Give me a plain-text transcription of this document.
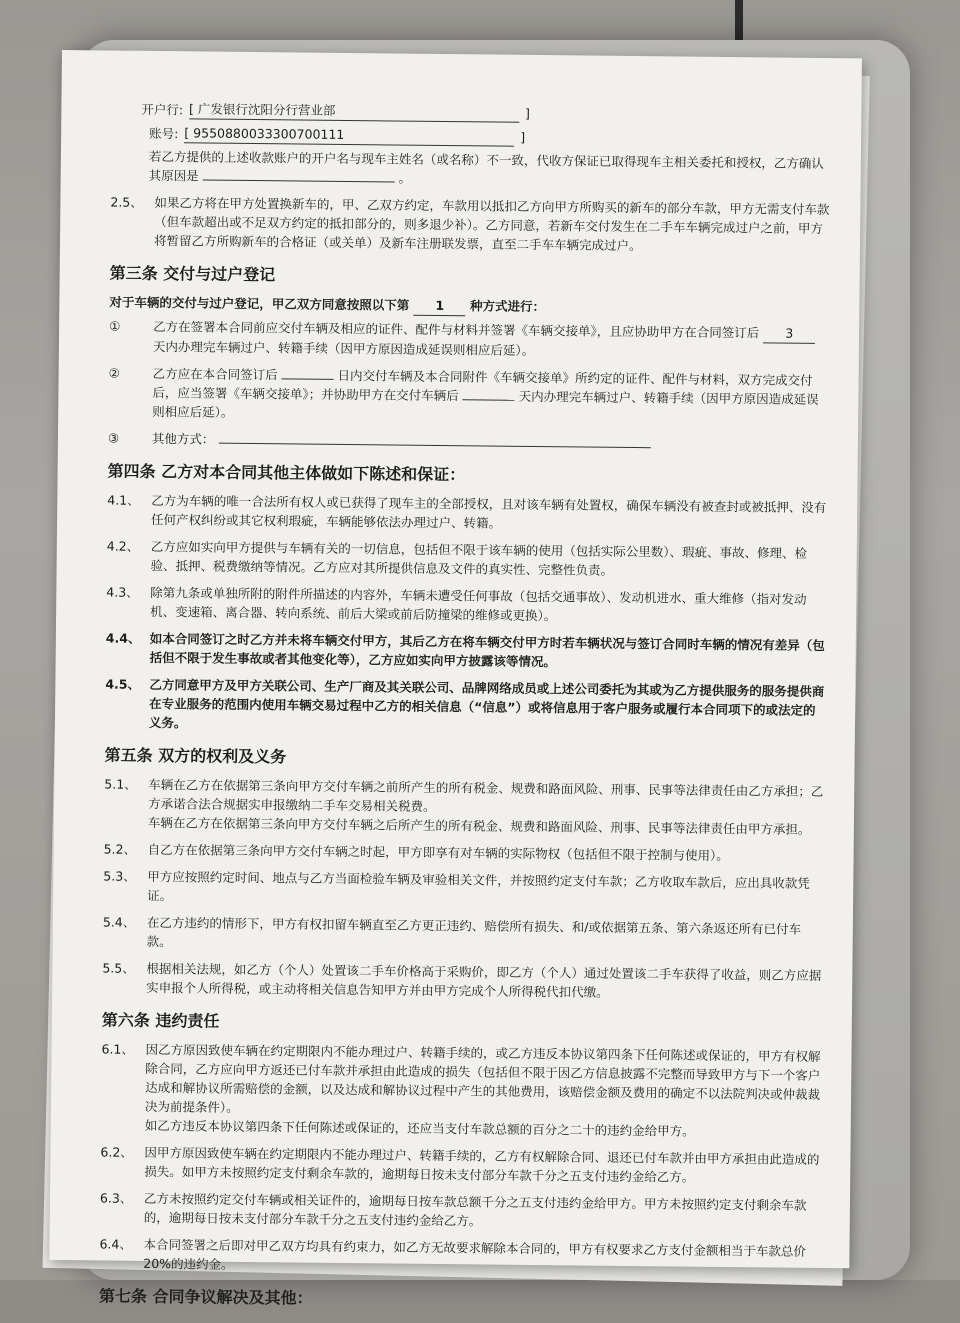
开户行: [ 广发银行沈阳分行营业部	]
账号: [ 9550880033300700111	]
若乙方提供的上述收款账户的开户名与现车主姓名（或名称）不一致，代收方保证已取得现车主相关委托和授权，乙方确认其原因是	。
2.5、 如果乙方将在甲方处置换新车的，甲、乙双方约定，车款用以抵扣乙方向甲方所购买的新车的部分车款，甲方无需支付车款（但车款超出或不足双方约定的抵扣部分的，则多退少补）。乙方同意，若新车交付发生在二手车车辆完成过户之前，甲方将暂留乙方所购新车的合格证（或关单）及新车注册联发票，直至二手车车辆完成过户。
第三条 交付与过户登记
对于车辆的交付与过户登记，甲乙双方同意按照以下第 1 种方式进行：
①	乙方在签署本合同前应交付车辆及相应的证件、配件与材料并签署《车辆交接单》，且应协助甲方在合同签订后 3 天内办理完车辆过户、转籍手续（因甲方原因造成延误则相应后延）。
②	乙方应在本合同签订后	日内交付车辆及本合同附件《车辆交接单》所约定的证件、配件与材料，双方完成交付后，应当签署《车辆交接单》；并协助甲方在交付车辆后	天内办理完车辆过户、转籍手续（因甲方原因造成延误则相应后延）。
③	其他方式：
第四条 乙方对本合同其他主体做如下陈述和保证：
4.1、 乙方为车辆的唯一合法所有权人或已获得了现车主的全部授权，且对该车辆有处置权，确保车辆没有被查封或被抵押、没有任何产权纠纷或其它权利瑕疵，车辆能够依法办理过户、转籍。
4.2、 乙方应如实向甲方提供与车辆有关的一切信息，包括但不限于该车辆的使用（包括实际公里数）、瑕疵、事故、修理、检验、抵押、税费缴纳等情况。乙方应对其所提供信息及文件的真实性、完整性负责。
4.3、 除第九条或单独所附的附件所描述的内容外，车辆未遭受任何事故（包括交通事故）、发动机进水、重大维修（指对发动机、变速箱、离合器、转向系统、前后大梁或前后防撞梁的维修或更换）。
4.4、 如本合同签订之时乙方并未将车辆交付甲方，其后乙方在将车辆交付甲方时若车辆状况与签订合同时车辆的情况有差异（包括但不限于发生事故或者其他变化等），乙方应如实向甲方披露该等情况。
4.5、 乙方同意甲方及甲方关联公司、生产厂商及其关联公司、品牌网络成员或上述公司委托为其或为乙方提供服务的服务提供商在专业服务的范围内使用车辆交易过程中乙方的相关信息（“信息”）或将信息用于客户服务或履行本合同项下的或法定的义务。
第五条 双方的权利及义务
5.1、 车辆在乙方在依据第三条向甲方交付车辆之前所产生的所有税金、规费和路面风险、刑事、民事等法律责任由乙方承担；乙方承诺合法合规据实申报缴纳二手车交易相关税费。
车辆在乙方在依据第三条向甲方交付车辆之后所产生的所有税金、规费和路面风险、刑事、民事等法律责任由甲方承担。
5.2、 自乙方在依据第三条向甲方交付车辆之时起，甲方即享有对车辆的实际物权（包括但不限于控制与使用）。
5.3、 甲方应按照约定时间、地点与乙方当面检验车辆及审验相关文件，并按照约定支付车款；乙方收取车款后，应出具收款凭证。
5.4、 在乙方违约的情形下，甲方有权扣留车辆直至乙方更正违约、赔偿所有损失、和/或依据第五条、第六条返还所有已付车款。
5.5、 根据相关法规，如乙方（个人）处置该二手车价格高于采购价，即乙方（个人）通过处置该二手车获得了收益，则乙方应据实申报个人所得税，或主动将相关信息告知甲方并由甲方完成个人所得税代扣代缴。
第六条 违约责任
6.1、 因乙方原因致使车辆在约定期限内不能办理过户、转籍手续的，或乙方违反本协议第四条下任何陈述或保证的，甲方有权解除合同，乙方应向甲方返还已付车款并承担由此造成的损失（包括但不限于因乙方信息披露不完整而导致甲方与下一个客户达成和解协议所需赔偿的金额，以及达成和解协议过程中产生的其他费用，该赔偿金额及费用的确定不以法院判决或仲裁裁决为前提条件）。
如乙方违反本协议第四条下任何陈述或保证的，还应当支付车款总额的百分之二十的违约金给甲方。
6.2、 因甲方原因致使车辆在约定期限内不能办理过户、转籍手续的，乙方有权解除合同、退还已付车款并由甲方承担由此造成的损失。如甲方未按照约定支付剩余车款的，逾期每日按未支付部分车款千分之五支付违约金给乙方。
6.3、 乙方未按照约定交付车辆或相关证件的，逾期每日按车款总额千分之五支付违约金给甲方。甲方未按照约定支付剩余车款的，逾期每日按未支付部分车款千分之五支付违约金给乙方。
6.4、 本合同签署之后即对甲乙双方均具有约束力，如乙方无故要求解除本合同的，甲方有权要求乙方支付金额相当于车款总价20%的违约金。
第七条 合同争议解决及其他：
